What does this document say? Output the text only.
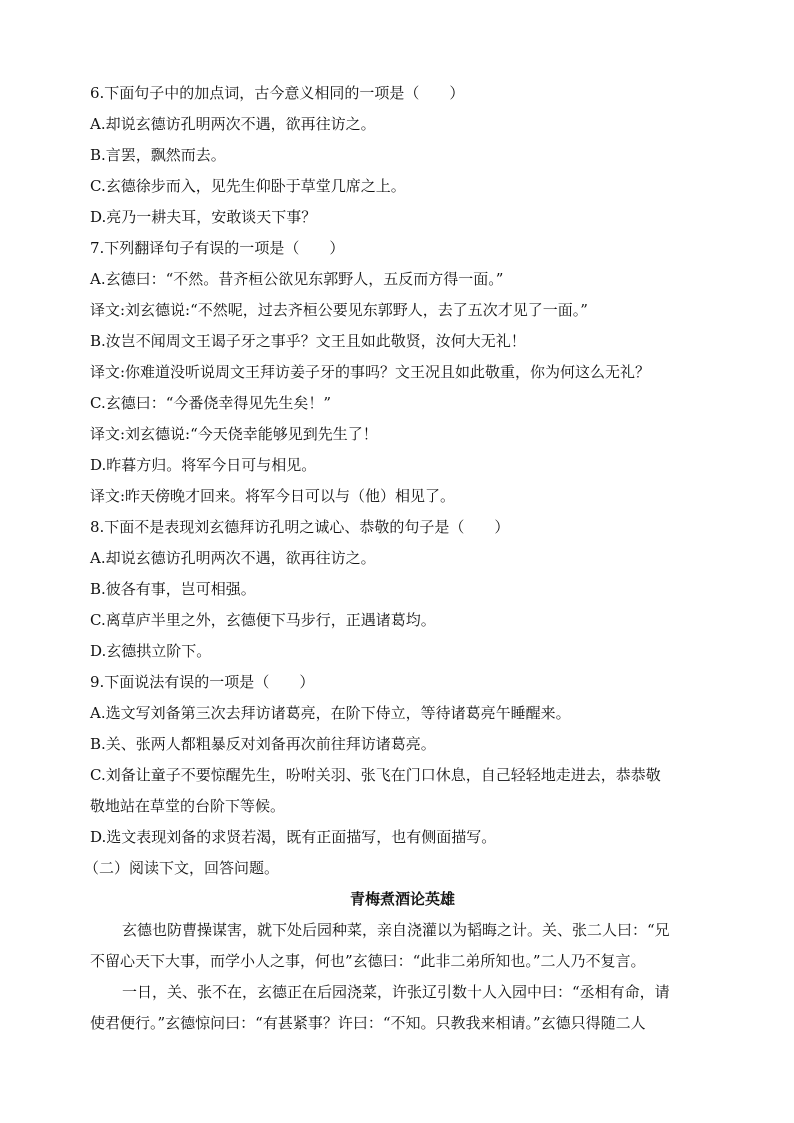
6.下面句子中的加点词，古今意义相同的一项是（　　）

A.却说玄德访孔明两次不遇，欲再往访之。

B.言罢，飘然而去。

C.玄德徐步而入，见先生仰卧于草堂几席之上。

D.亮乃一耕夫耳，安敢谈天下事？

7.下列翻译句子有误的一项是（　　）

A.玄德曰：“不然。昔齐桓公欲见东郭野人，五反而方得一面。”

译文:刘玄德说:“不然呢，过去齐桓公要见东郭野人，去了五次才见了一面。”

B.汝岂不闻周文王谒子牙之事乎？文王且如此敬贤，汝何大无礼！

译文:你难道没听说周文王拜访姜子牙的事吗？文王况且如此敬重，你为何这么无礼？

C.玄德曰：“今番侥幸得见先生矣！”

译文:刘玄德说:“今天侥幸能够见到先生了！

D.昨暮方归。将军今日可与相见。

译文:昨天傍晚才回来。将军今日可以与（他）相见了。

8.下面不是表现刘玄德拜访孔明之诚心、恭敬的句子是（　　）

A.却说玄德访孔明两次不遇，欲再往访之。

B.彼各有事，岂可相强。

C.离草庐半里之外，玄德便下马步行，正遇诸葛均。

D.玄德拱立阶下。

9.下面说法有误的一项是（　　）

A.选文写刘备第三次去拜访诸葛亮，在阶下侍立，等待诸葛亮午睡醒来。

B.关、张两人都粗暴反对刘备再次前往拜访诸葛亮。

C.刘备让童子不要惊醒先生，吩咐关羽、张飞在门口休息，自己轻轻地走进去，恭恭敬

敬地站在草堂的台阶下等候。

D.选文表现刘备的求贤若渴，既有正面描写，也有侧面描写。

（二）阅读下文，回答问题。

青梅煮酒论英雄

玄德也防曹操谋害，就下处后园种菜，亲自浇灌以为韬晦之计。关、张二人曰：“兄

不留心天下大事，而学小人之事，何也”玄德曰：“此非二弟所知也。”二人乃不复言。

一日，关、张不在，玄德正在后园浇菜，许张辽引数十人入园中曰：“丞相有命，请

使君便行。”玄德惊问曰：“有甚紧事？许曰：“不知。只教我来相请。”玄德只得随二人
